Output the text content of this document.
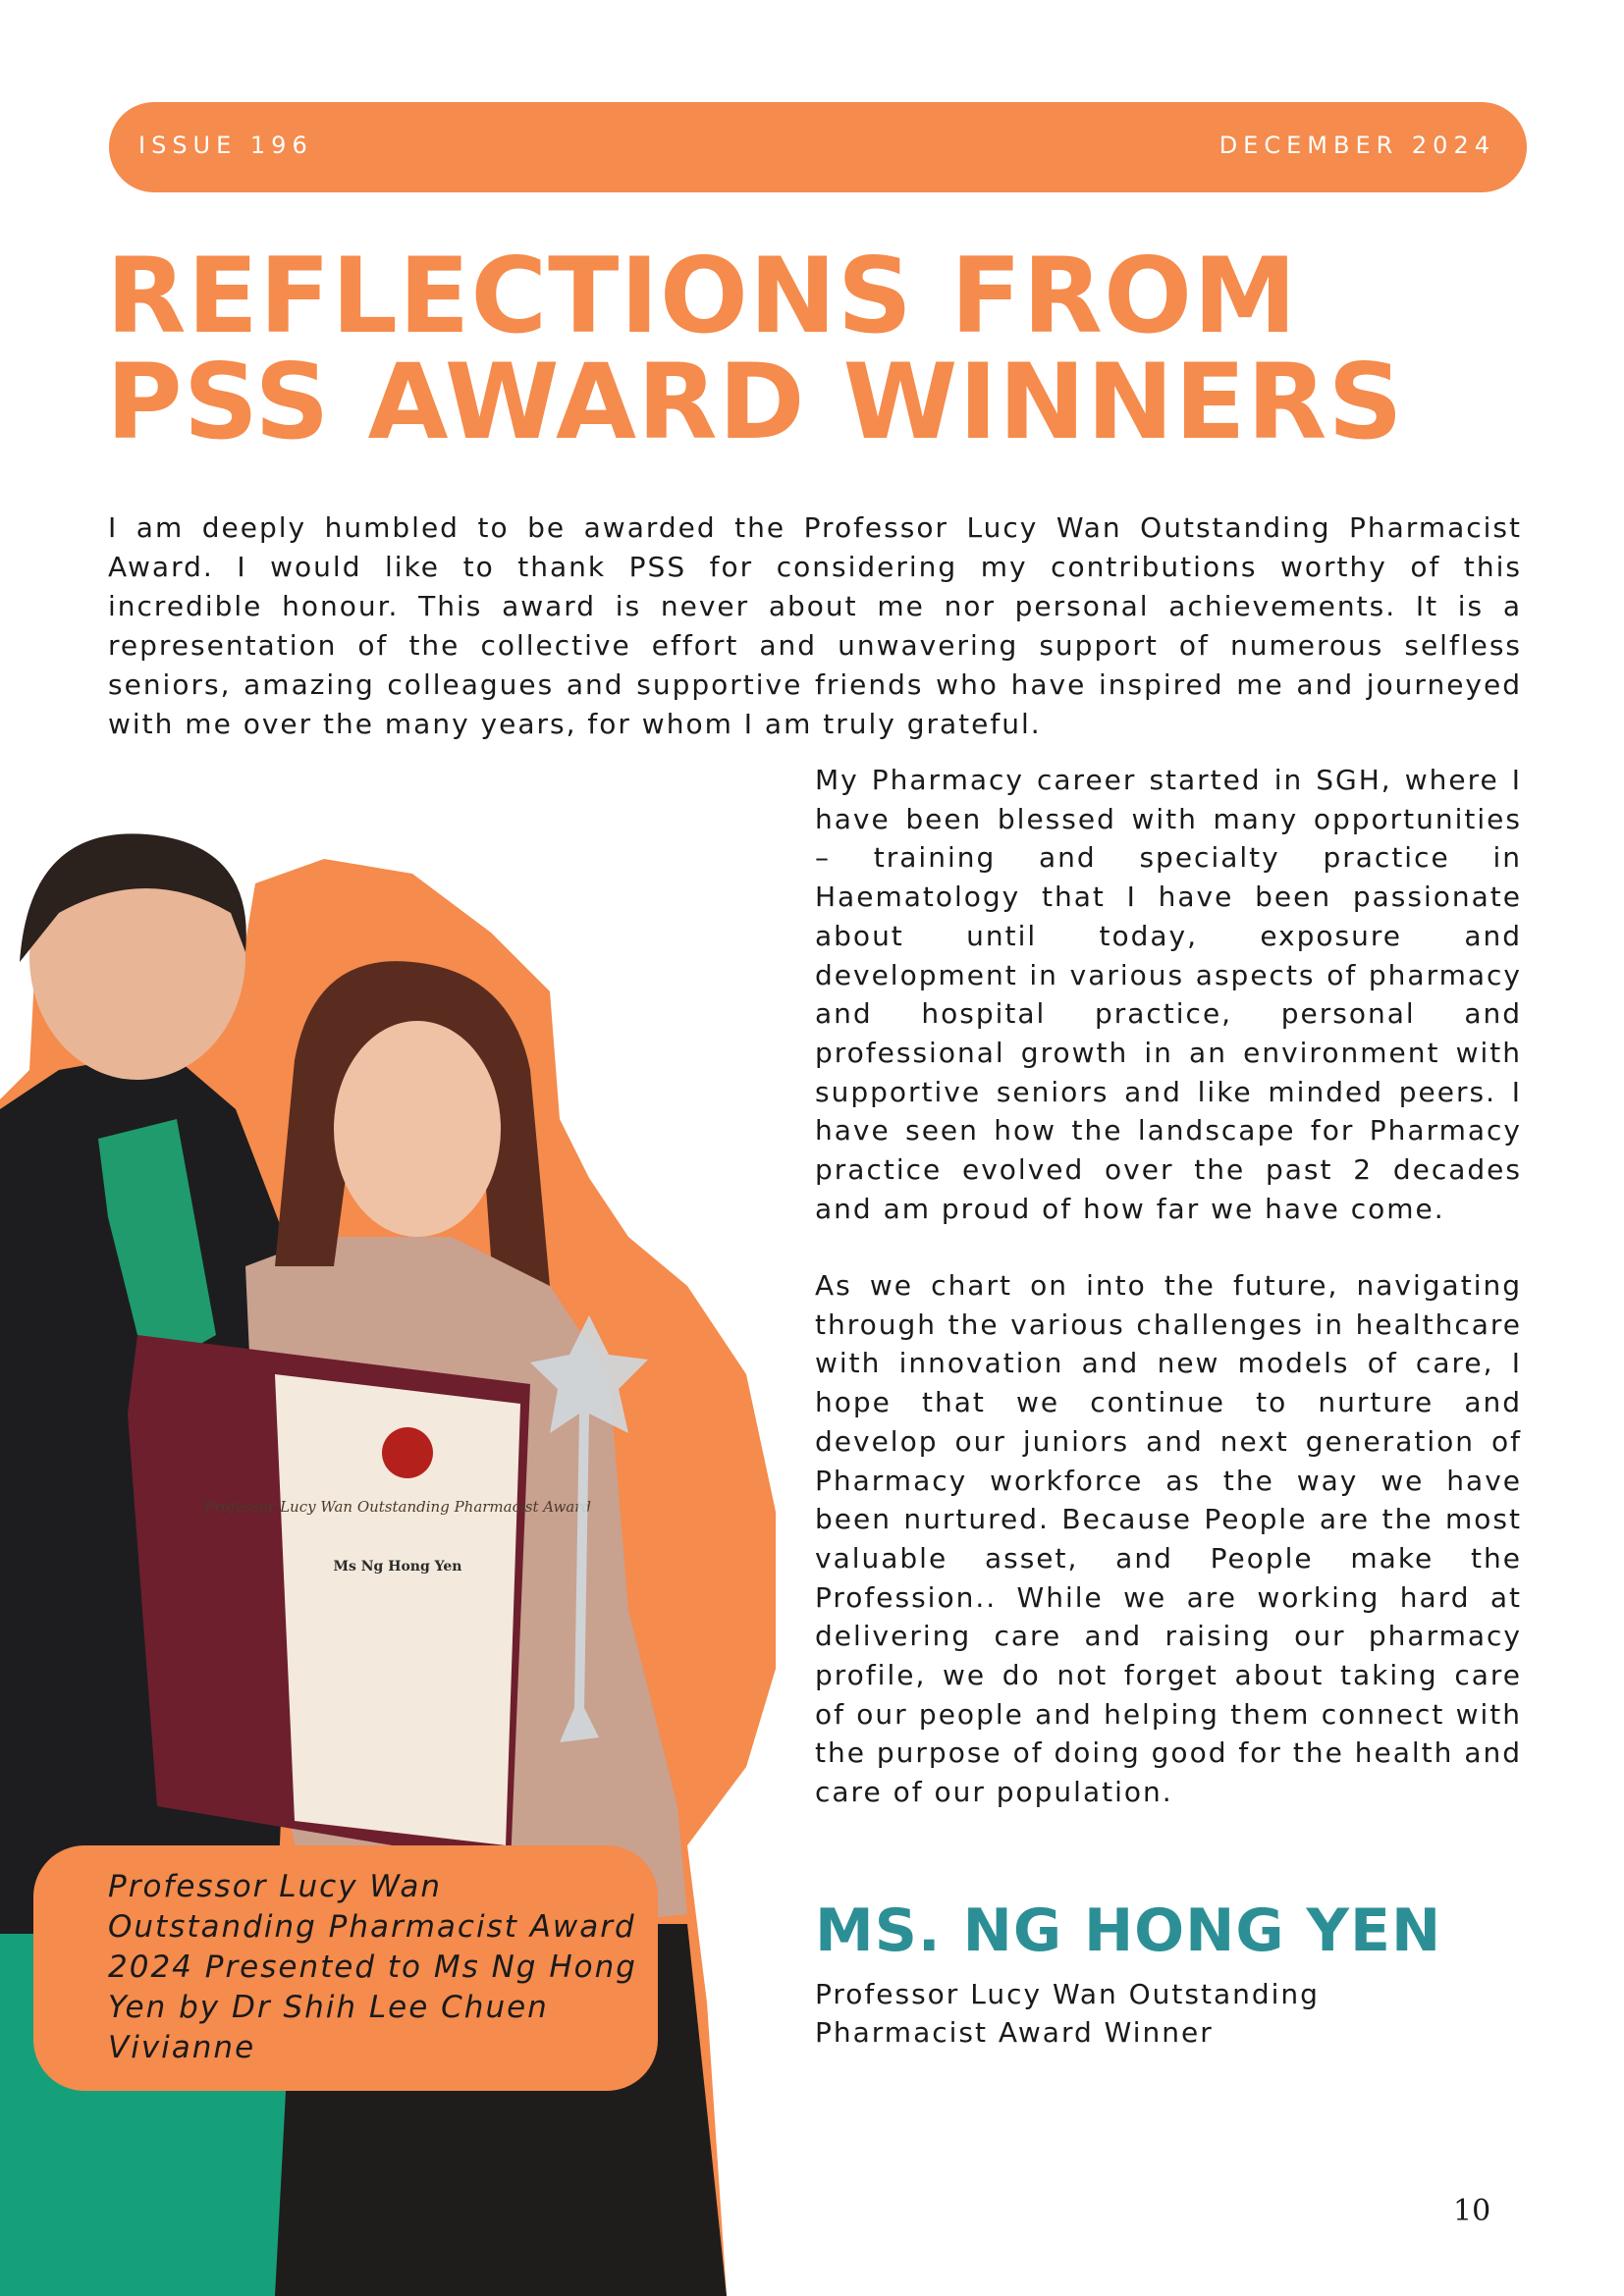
ISSUE 196	DECEMBER 2024
REFLECTIONS FROM
PSS AWARD WINNERS

I am deeply humbled to be awarded the Professor Lucy Wan Outstanding Pharmacist Award. I would like to thank PSS for considering my contributions worthy of this incredible honour. This award is never about me nor personal achievements. It is a representation of the collective effort and unwavering support of numerous selfless seniors, amazing colleagues and supportive friends who have inspired me and journeyed with me over the many years, for whom I am truly grateful.

My Pharmacy career started in SGH, where I have been blessed with many opportunities – training and specialty practice in Haematology that I have been passionate about until today, exposure and development in various aspects of pharmacy and hospital practice, personal and professional growth in an environment with supportive seniors and like minded peers. I have seen how the landscape for Pharmacy practice evolved over the past 2 decades and am proud of how far we have come.

As we chart on into the future, navigating through the various challenges in healthcare with innovation and new models of care, I hope that we continue to nurture and develop our juniors and next generation of Pharmacy workforce as the way we have been nurtured. Because People are the most valuable asset, and People make the Profession.. While we are working hard at delivering care and raising our pharmacy profile, we do not forget about taking care of our people and helping them connect with the purpose of doing good for the health and care of our population.

Professor Lucy Wan Outstanding Pharmacist Award
Ms Ng Hong Yen

Professor Lucy Wan Outstanding Pharmacist Award 2024 Presented to Ms Ng Hong Yen by Dr Shih Lee Chuen Vivianne

MS. NG HONG YEN

Professor Lucy Wan Outstanding Pharmacist Award Winner

10
